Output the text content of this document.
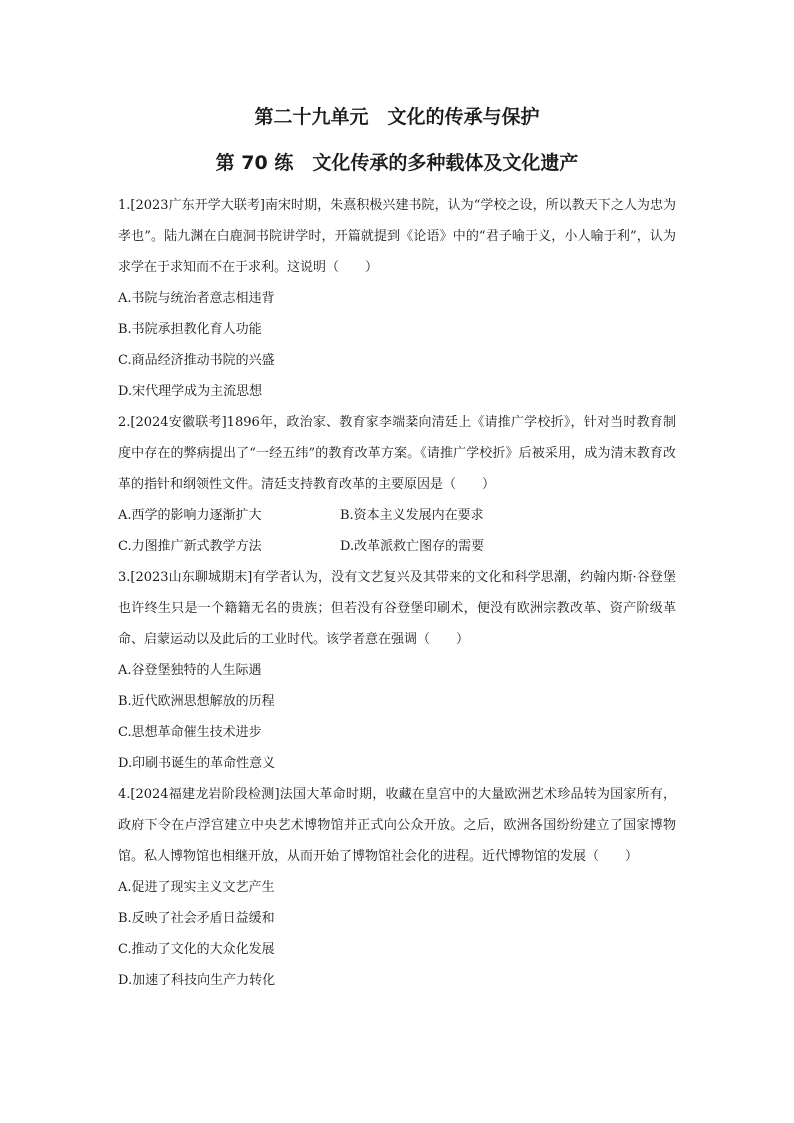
第二十九单元　文化的传承与保护
第 70 练　文化传承的多种载体及文化遗产

1.[2023广东开学大联考]南宋时期，朱熹积极兴建书院，认为“学校之设，所以教天下之人为忠为孝也”。陆九渊在白鹿洞书院讲学时，开篇就提到《论语》中的“君子喻于义，小人喻于利”，认为求学在于求知而不在于求利。这说明（　　）

A.书院与统治者意志相违背

B.书院承担教化育人功能

C.商品经济推动书院的兴盛

D.宋代理学成为主流思想

2.[2024安徽联考]1896年，政治家、教育家李端棻向清廷上《请推广学校折》，针对当时教育制度中存在的弊病提出了“一经五纬”的教育改革方案。《请推广学校折》后被采用，成为清末教育改革的指针和纲领性文件。清廷支持教育改革的主要原因是（　　）

A.西学的影响力逐渐扩大	B.资本主义发展内在要求
C.力图推广新式教学方法	D.改革派救亡图存的需要

3.[2023山东聊城期末]有学者认为，没有文艺复兴及其带来的文化和科学思潮，约翰内斯·谷登堡也许终生只是一个籍籍无名的贵族；但若没有谷登堡印刷术，便没有欧洲宗教改革、资产阶级革命、启蒙运动以及此后的工业时代。该学者意在强调（　　）

A.谷登堡独特的人生际遇

B.近代欧洲思想解放的历程

C.思想革命催生技术进步

D.印刷书诞生的革命性意义

4.[2024福建龙岩阶段检测]法国大革命时期，收藏在皇宫中的大量欧洲艺术珍品转为国家所有，政府下令在卢浮宫建立中央艺术博物馆并正式向公众开放。之后，欧洲各国纷纷建立了国家博物馆。私人博物馆也相继开放，从而开始了博物馆社会化的进程。近代博物馆的发展（　　）

A.促进了现实主义文艺产生

B.反映了社会矛盾日益缓和

C.推动了文化的大众化发展

D.加速了科技向生产力转化
